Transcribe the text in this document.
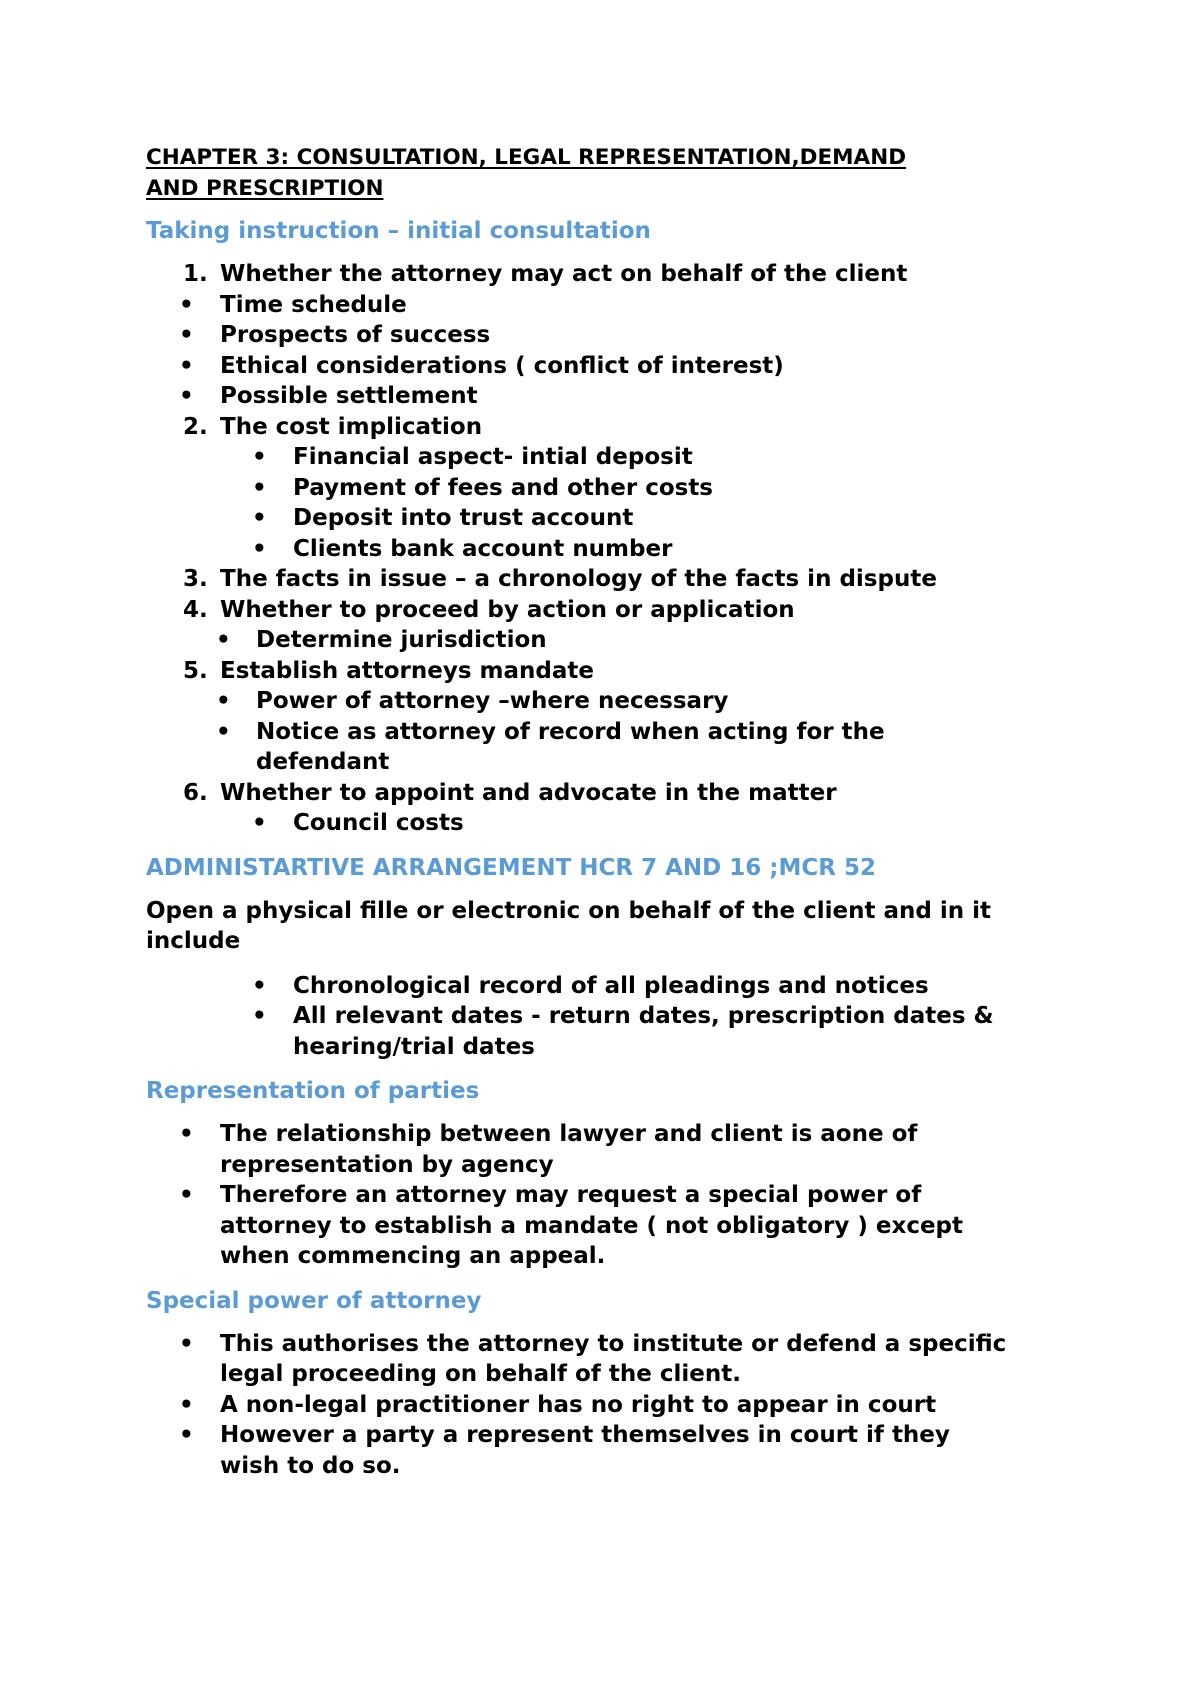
CHAPTER 3: CONSULTATION, LEGAL REPRESENTATION,DEMAND
AND PRESCRIPTION
Taking instruction – initial consultation
1. Whether the attorney may act on behalf of the client
• Time schedule
• Prospects of success
• Ethical considerations ( conflict of interest)
• Possible settlement
2. The cost implication
• Financial aspect- intial deposit
• Payment of fees and other costs
• Deposit into trust account
• Clients bank account number
3. The facts in issue – a chronology of the facts in dispute
4. Whether to proceed by action or application
• Determine jurisdiction
5. Establish attorneys mandate
• Power of attorney –where necessary
• Notice as attorney of record when acting for the
defendant
6. Whether to appoint and advocate in the matter
• Council costs
ADMINISTARTIVE ARRANGEMENT HCR 7 AND 16 ;MCR 52
Open a physical fille or electronic on behalf of the client and in it
include
• Chronological record of all pleadings and notices
• All relevant dates - return dates, prescription dates &
hearing/trial dates
Representation of parties
• The relationship between lawyer and client is aone of
representation by agency
• Therefore an attorney may request a special power of
attorney to establish a mandate ( not obligatory ) except
when commencing an appeal.
Special power of attorney
• This authorises the attorney to institute or defend a specific
legal proceeding on behalf of the client.
• A non-legal practitioner has no right to appear in court
• However a party a represent themselves in court if they
wish to do so.
